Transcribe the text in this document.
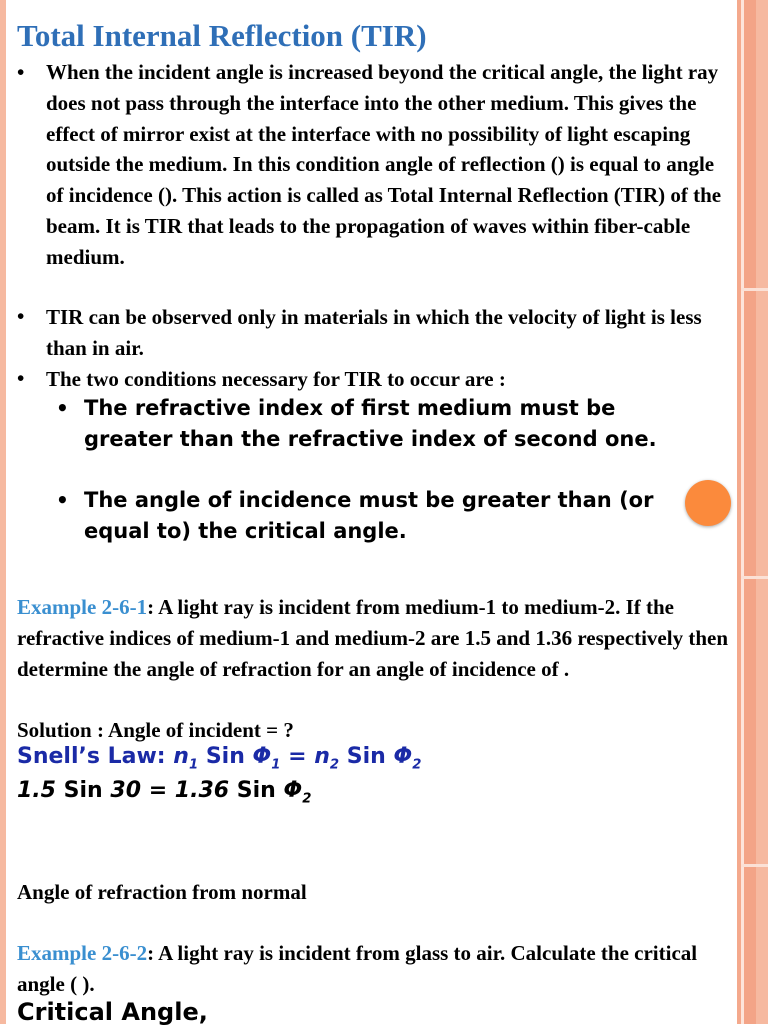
Total Internal Reflection (TIR)
• When the incident angle is increased beyond the critical angle, the light ray does not pass through the interface into the other medium. This gives the effect of mirror exist at the interface with no possibility of light escaping outside the medium. In this condition angle of reflection () is equal to angle of incidence (). This action is called as Total Internal Reflection (TIR) of the beam. It is TIR that leads to the propagation of waves within fiber-cable medium.
• TIR can be observed only in materials in which the velocity of light is less than in air.
• The two conditions necessary for TIR to occur are :
• The refractive index of first medium must be greater than the refractive index of second one.
• The angle of incidence must be greater than (or equal to) the critical angle.
Example 2-6-1: A light ray is incident from medium-1 to medium-2. If the refractive indices of medium-1 and medium-2 are 1.5 and 1.36 respectively then determine the angle of refraction for an angle of incidence of .
Solution : Angle of incident = ?
Snell’s Law: $n_1$ Sin $\Phi_1 = n_2$ Sin $\Phi_2$
1.5 Sin 30 = 1.36 Sin $\Phi_2$
Angle of refraction from normal
Example 2-6-2: A light ray is incident from glass to air. Calculate the critical angle ( ).
Critical Angle,
